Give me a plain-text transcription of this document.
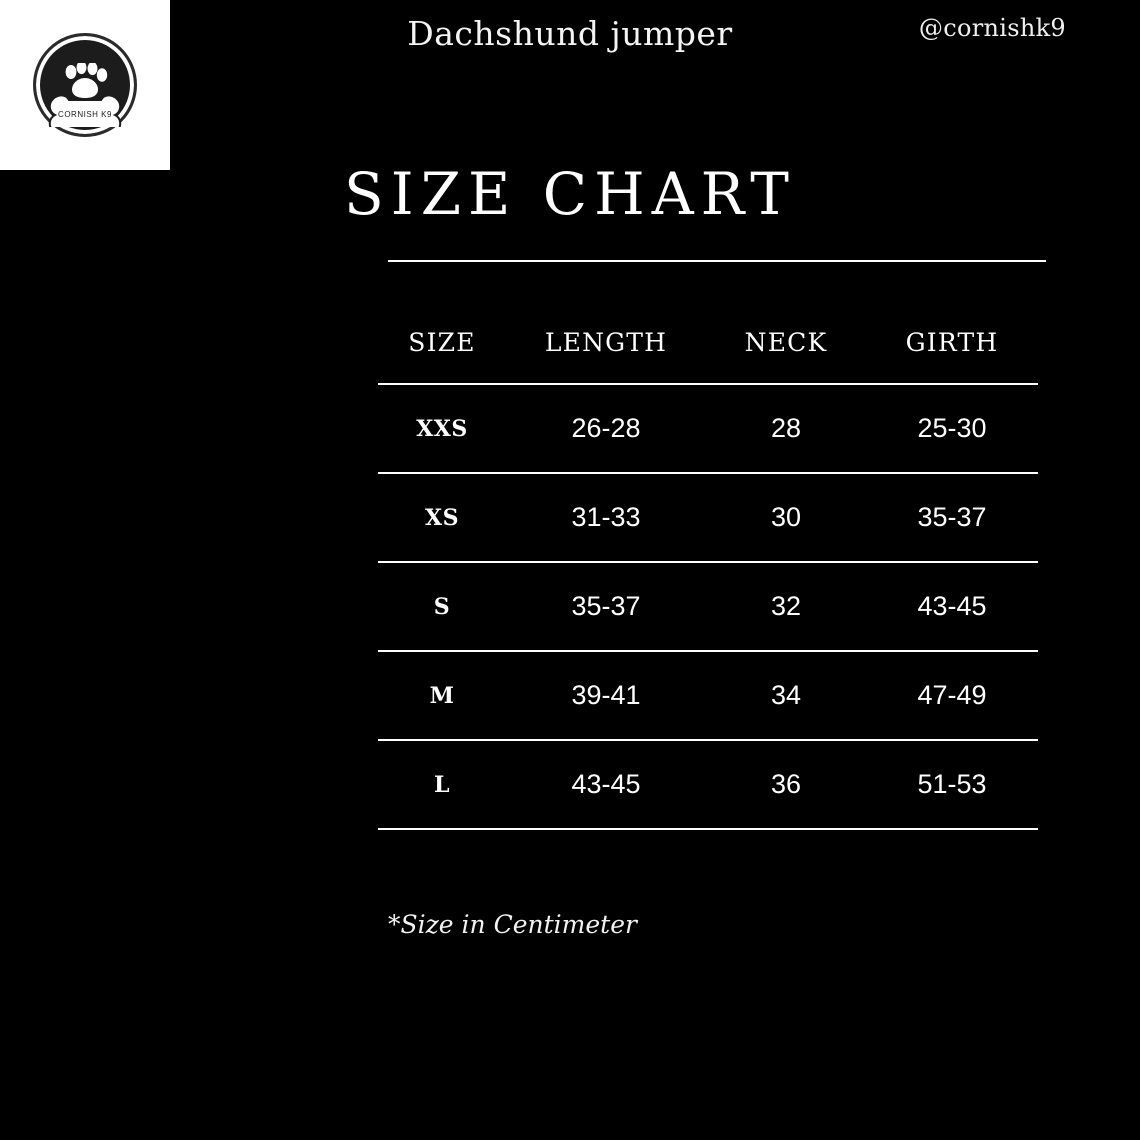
CORNISH K9
Dachshund jumper	@cornishk9
SIZE CHART
SIZE	LENGTH	NECK	GIRTH
XXS	26-28	28	25-30
XS	31-33	30	35-37
S	35-37	32	43-45
M	39-41	34	47-49
L	43-45	36	51-53
*Size in Centimeter
